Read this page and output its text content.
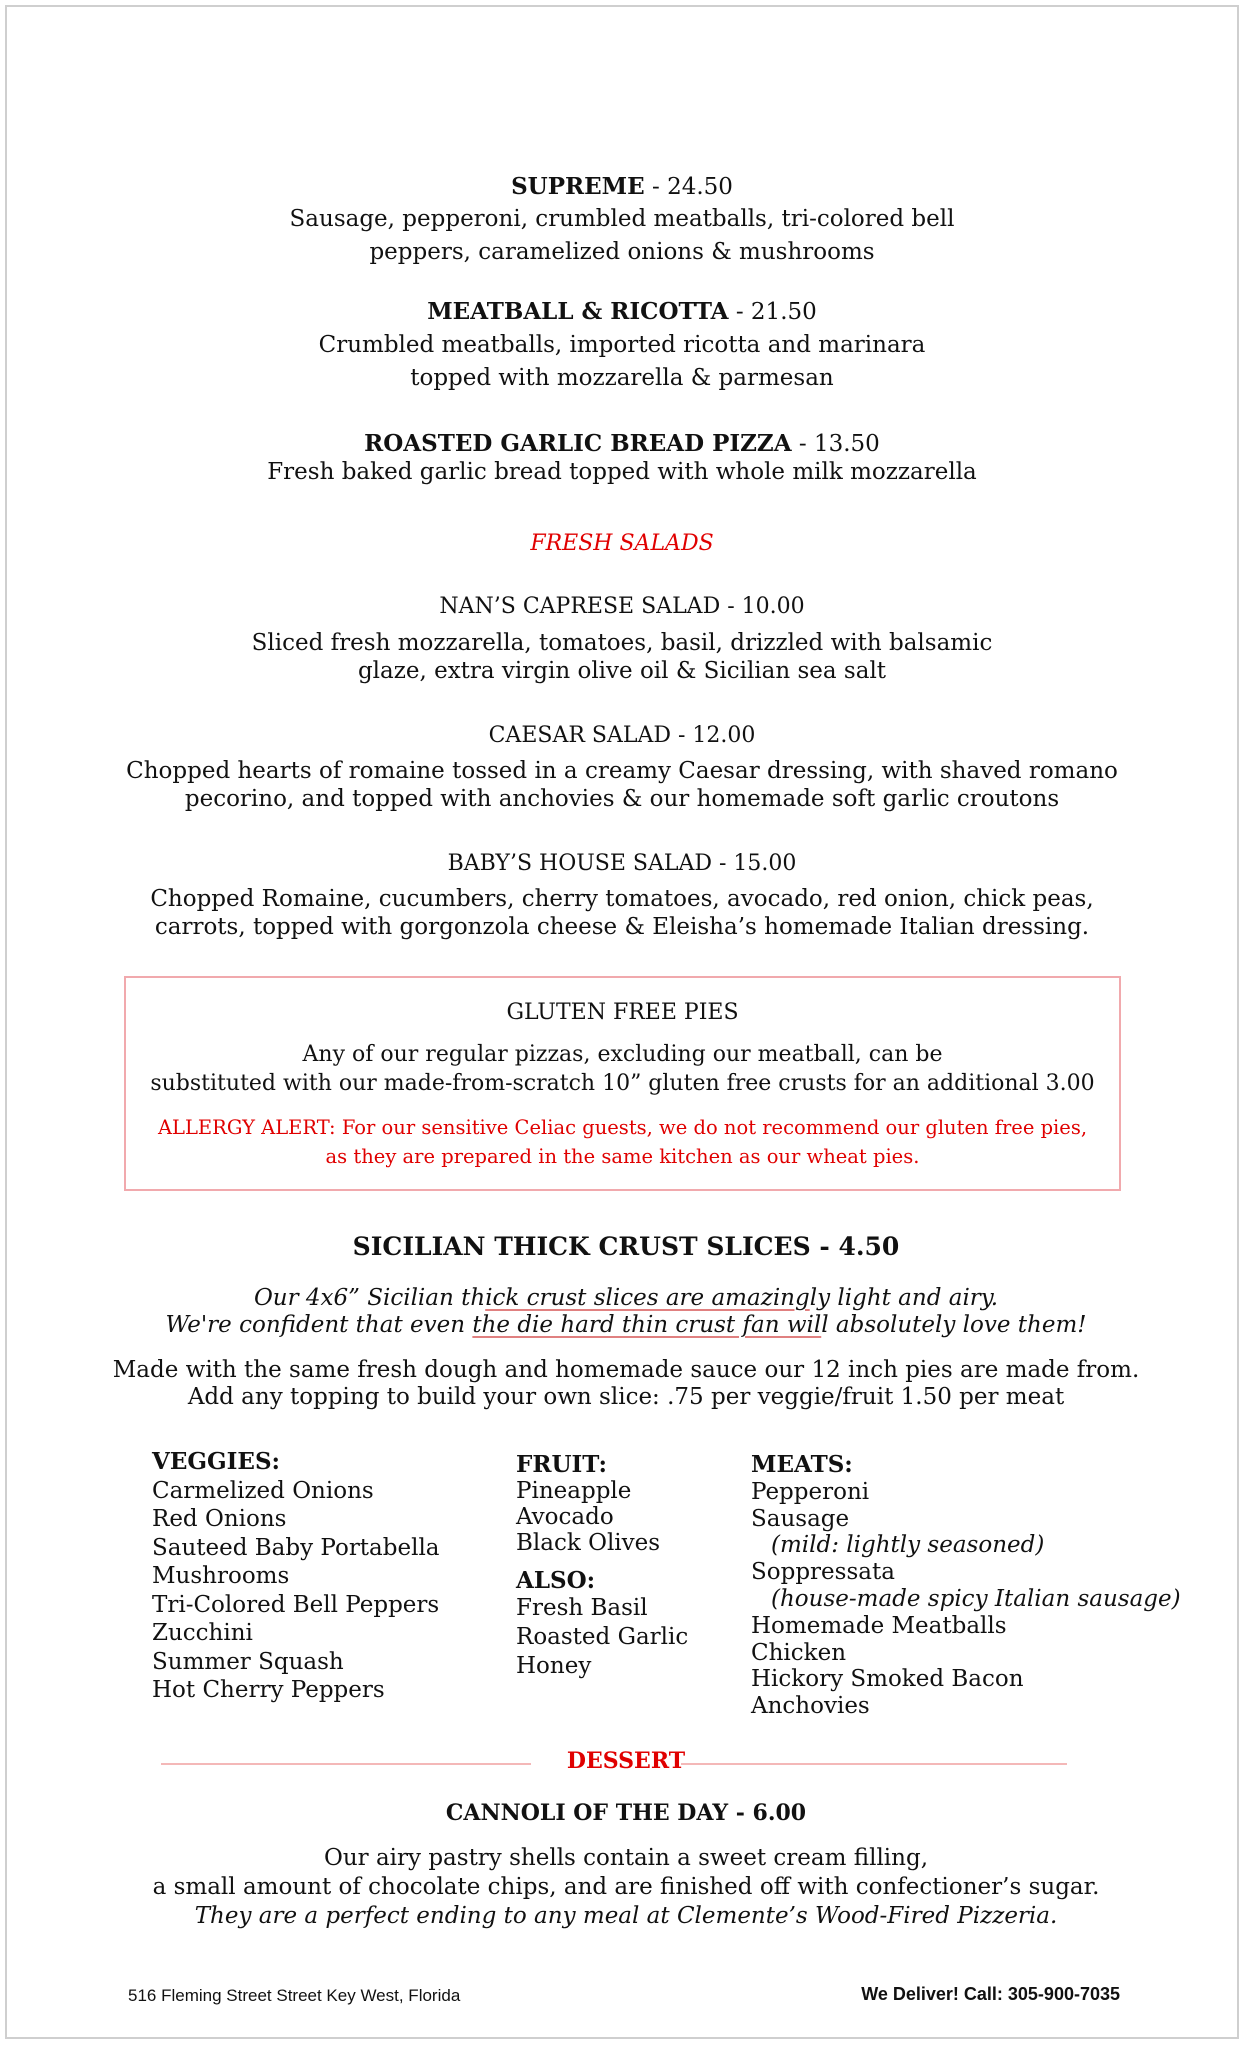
SUPREME - 24.50
Sausage, pepperoni, crumbled meatballs, tri-colored bell
peppers, caramelized onions & mushrooms
MEATBALL & RICOTTA - 21.50
Crumbled meatballs, imported ricotta and marinara
topped with mozzarella & parmesan
ROASTED GARLIC BREAD PIZZA - 13.50
Fresh baked garlic bread topped with whole milk mozzarella
FRESH SALADS
NAN’S CAPRESE SALAD - 10.00
Sliced fresh mozzarella, tomatoes, basil, drizzled with balsamic
glaze, extra virgin olive oil & Sicilian sea salt
CAESAR SALAD - 12.00
Chopped hearts of romaine tossed in a creamy Caesar dressing, with shaved romano
pecorino, and topped with anchovies & our homemade soft garlic croutons
BABY’S HOUSE SALAD - 15.00
Chopped Romaine, cucumbers, cherry tomatoes, avocado, red onion, chick peas,
carrots, topped with gorgonzola cheese & Eleisha’s homemade Italian dressing.
GLUTEN FREE PIES
Any of our regular pizzas, excluding our meatball, can be
substituted with our made-from-scratch 10” gluten free crusts for an additional 3.00
ALLERGY ALERT: For our sensitive Celiac guests, we do not recommend our gluten free pies,
as they are prepared in the same kitchen as our wheat pies.
SICILIAN THICK CRUST SLICES - 4.50
Our 4x6” Sicilian thick crust slices are amazingly light and airy.
We're confident that even the die hard thin crust fan will absolutely love them!
Made with the same fresh dough and homemade sauce our 12 inch pies are made from.
Add any topping to build your own slice: .75 per veggie/fruit 1.50 per meat
VEGGIES:
Carmelized Onions
Red Onions
Sauteed Baby Portabella
Mushrooms
Tri-Colored Bell Peppers
Zucchini
Summer Squash
Hot Cherry Peppers
FRUIT:
Pineapple
Avocado
Black Olives
ALSO:
Fresh Basil
Roasted Garlic
Honey
MEATS:
Pepperoni
Sausage
(mild: lightly seasoned)
Soppressata
(house-made spicy Italian sausage)
Homemade Meatballs
Chicken
Hickory Smoked Bacon
Anchovies
DESSERT
CANNOLI OF THE DAY - 6.00
Our airy pastry shells contain a sweet cream filling,
a small amount of chocolate chips, and are finished off with confectioner’s sugar.
They are a perfect ending to any meal at Clemente’s Wood-Fired Pizzeria.
516 Fleming Street Street Key West, Florida	We Deliver! Call: 305-900-7035
